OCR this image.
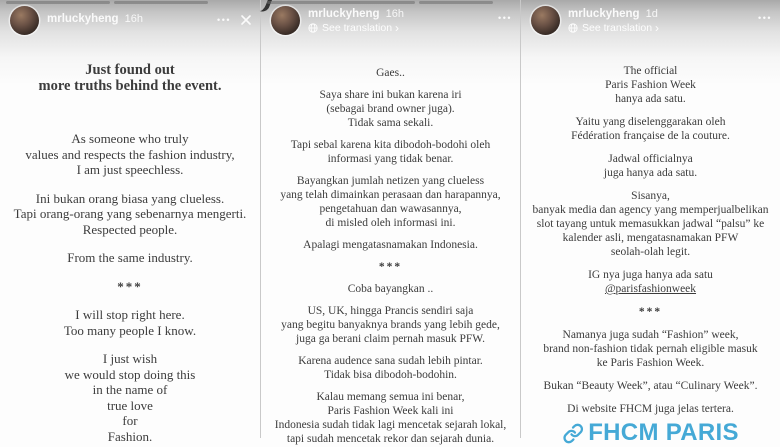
mrluckyheng 16h	•••
Just found out
more truths behind the event.
As someone who truly
values and respects the fashion industry,
I am just speechless.
Ini bukan orang biasa yang clueless.
Tapi orang-orang yang sebenarnya mengerti.
Respected people.
From the same industry.
***
I will stop right here.
Too many people I know.
I just wish
we would stop doing this
in the name of
true love
for
Fashion.
mrluckyheng 16h
See translation ›
•••
Gaes..
Saya share ini bukan karena iri
(sebagai brand owner juga).
Tidak sama sekali.
Tapi sebal karena kita dibodoh-bodohi oleh
informasi yang tidak benar.
Bayangkan jumlah netizen yang clueless
yang telah dimainkan perasaan dan harapannya,
pengetahuan dan wawasannya,
di misled oleh informasi ini.
Apalagi mengatasnamakan Indonesia.
***
Coba bayangkan ..
US, UK, hingga Prancis sendiri saja
yang begitu banyaknya brands yang lebih gede,
juga ga berani claim pernah masuk PFW.
Karena audence sana sudah lebih pintar.
Tidak bisa dibodoh-bodohin.
Kalau memang semua ini benar,
Paris Fashion Week kali ini
Indonesia sudah tidak lagi mencetak sejarah lokal,
tapi sudah mencetak rekor dan sejarah dunia.
mrluckyheng 1d
See translation ›
•••
The official
Paris Fashion Week
hanya ada satu.
Yaitu yang diselenggarakan oleh
Fédération française de la couture.
Jadwal officialnya
juga hanya ada satu.
Sisanya,
banyak media dan agency yang memperjualbelikan
slot tayang untuk memasukkan jadwal “palsu” ke
kalender asli, mengatasnamakan PFW
seolah-olah legit.
IG nya juga hanya ada satu
@parisfashionweek
***
Namanya juga sudah “Fashion” week,
brand non-fashion tidak pernah eligible masuk
ke Paris Fashion Week.
Bukan “Beauty Week”, atau “Culinary Week”.
Di website FHCM juga jelas tertera.
FHCM PARIS
